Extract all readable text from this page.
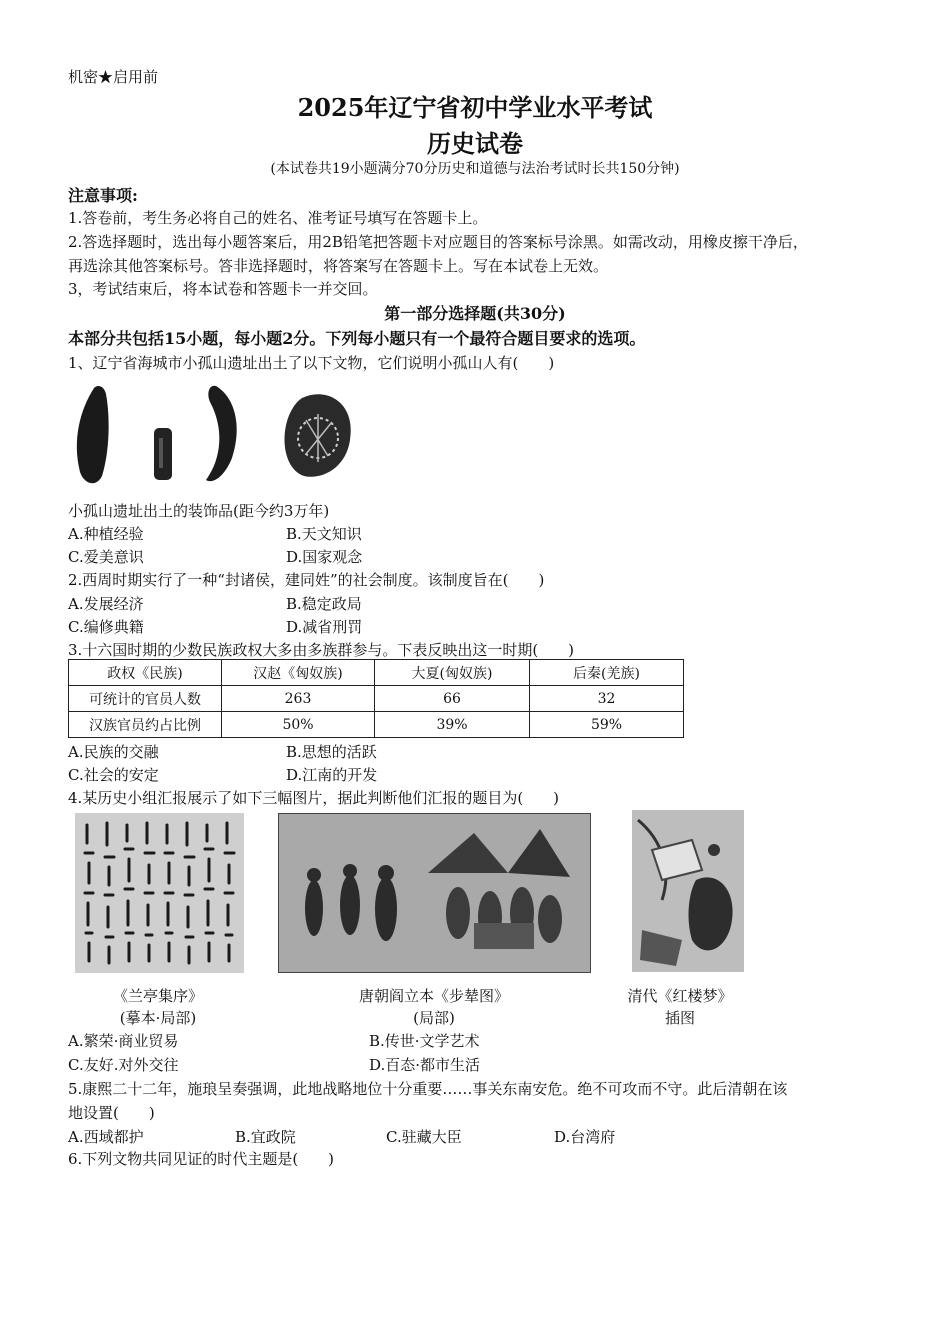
机密★启用前
2025年辽宁省初中学业水平考试
历史试卷
(本试卷共19小题满分70分历史和道德与法治考试时长共150分钟)
注意事项:
1.答卷前，考生务必将自己的姓名、准考证号填写在答题卡上。
2.答选择题时，选出每小题答案后，用2B铅笔把答题卡对应题目的答案标号涂黑。如需改动，用橡皮擦干净后，
再选涂其他答案标号。答非选择题时，将答案写在答题卡上。写在本试卷上无效。
3，考试结束后，将本试卷和答题卡一并交回。
第一部分选择题(共30分)
本部分共包括15小题，每小题2分。下列每小题只有一个最符合题目要求的选项。
1、辽宁省海城市小孤山遗址出土了以下文物，它们说明小孤山人有(　　)
小孤山遗址出土的装饰品(距今约3万年)
A.种植经验	B.天文知识
C.爱美意识	D.国家观念
2.西周时期实行了一种“封诸侯，建同姓”的社会制度。该制度旨在(　　)
A.发展经济	B.稳定政局
C.编修典籍	D.减省刑罚
3.十六国时期的少数民族政权大多由多族群参与。下表反映出这一时期(　　)
政权《民族)	汉赵《匈奴族)	大夏(匈奴族)	后秦(羌族)
可统计的官员人数	263	66	32
汉族官员约占比例	50%	39%	59%
A.民族的交融	B.思想的活跃
C.社会的安定	D.江南的开发
4.某历史小组汇报展示了如下三幅图片，据此判断他们汇报的题目为(　　)
《兰亭集序》
(摹本·局部)
唐朝阎立本《步辇图》
(局部)
清代《红楼梦》
插图
A.繁荣·商业贸易	B.传世·文学艺术
C.友好.对外交往	D.百态·都市生活
5.康熙二十二年，施琅呈奏强调，此地战略地位十分重要……事关东南安危。绝不可攻而不守。此后清朝在该
地设置(　　)
A.西域都护	B.宜政院	C.驻藏大臣	D.台湾府
6.下列文物共同见证的时代主题是(　　)
